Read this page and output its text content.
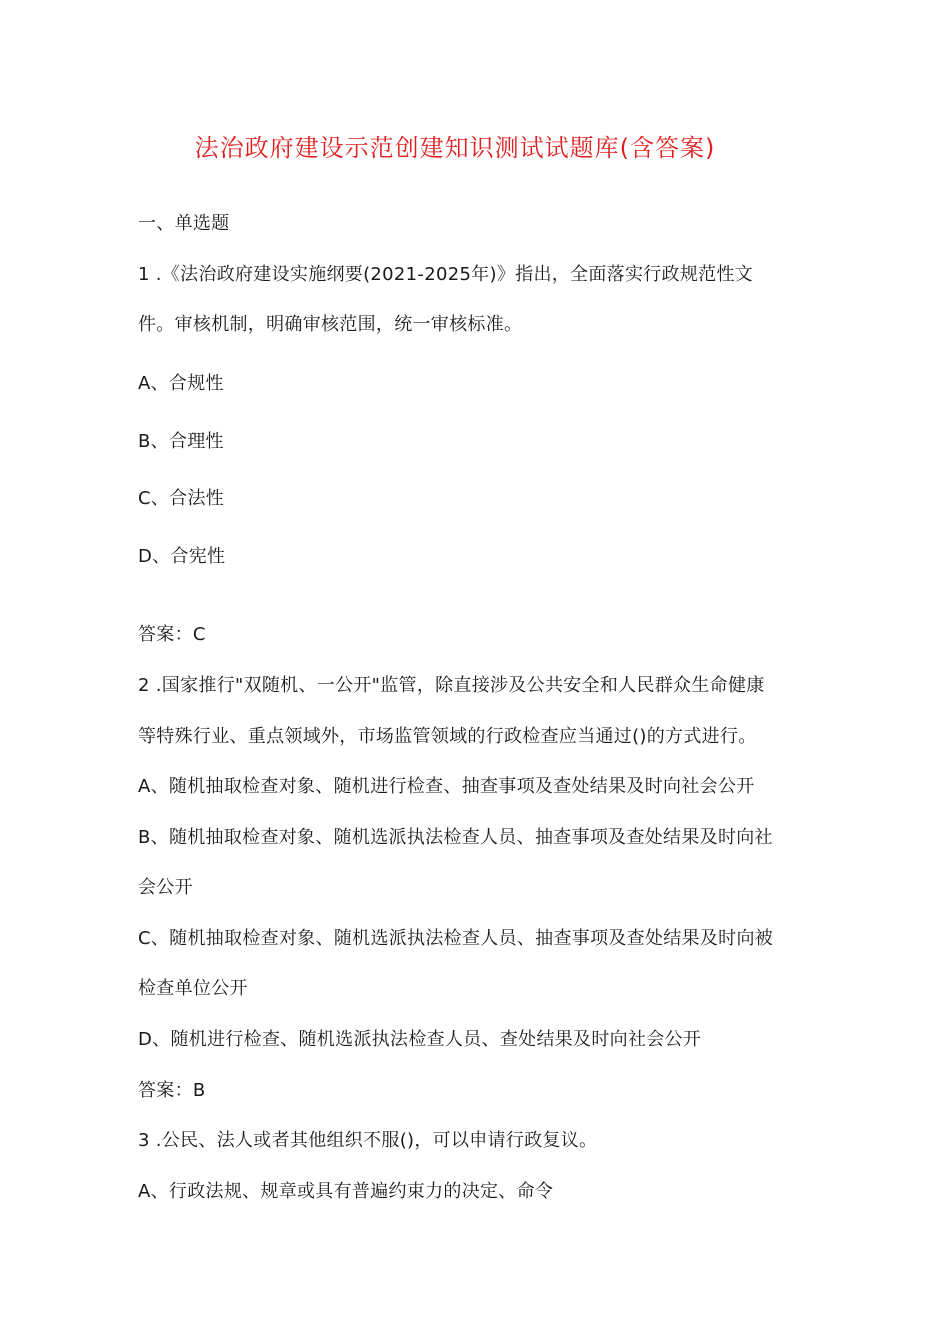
法治政府建设示范创建知识测试试题库(含答案)
一、单选题
1 .《法治政府建设实施纲要(2021-2025年)》指出，全面落实行政规范性文
件。审核机制，明确审核范围，统一审核标准。
A、合规性
B、合理性
C、合法性
D、合宪性
答案：C
2 .国家推行"双随机、一公开"监管，除直接涉及公共安全和人民群众生命健康
等特殊行业、重点领域外，市场监管领域的行政检查应当通过()的方式进行。
A、随机抽取检查对象、随机进行检查、抽查事项及查处结果及时向社会公开
B、随机抽取检查对象、随机选派执法检查人员、抽查事项及查处结果及时向社
会公开
C、随机抽取检查对象、随机选派执法检查人员、抽查事项及查处结果及时向被
检查单位公开
D、随机进行检查、随机选派执法检查人员、查处结果及时向社会公开
答案：B
3 .公民、法人或者其他组织不服()，可以申请行政复议。
A、行政法规、规章或具有普遍约束力的决定、命令
